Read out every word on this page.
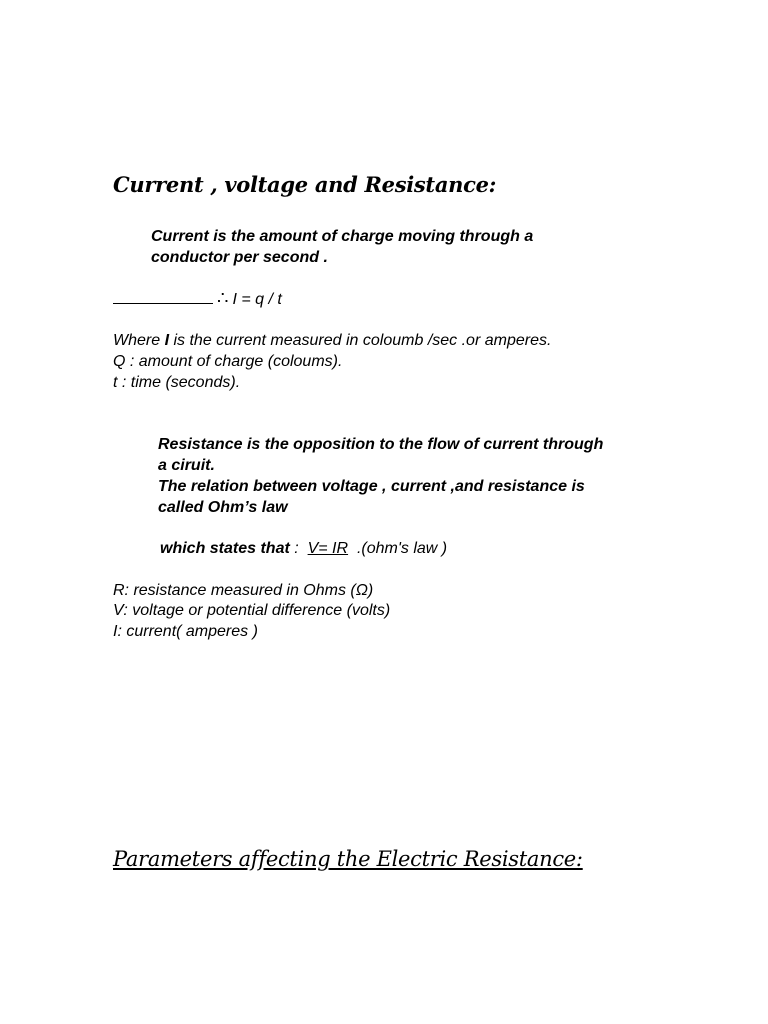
Current , voltage and Resistance:

Current is the amount of charge moving through a

conductor per second .

∴ I = q / t

Where I is the current measured in coloumb /sec .or amperes.

Q : amount of charge (coloums).

t : time (seconds).

Resistance is the opposition to the flow of current through

a ciruit.

The relation between voltage , current ,and resistance is

called Ohm’s law

which states that :  V= IR  .(ohm's law )

R: resistance measured in Ohms (Ω)

V: voltage or potential difference (volts)

I: current( amperes )

Parameters affecting the Electric Resistance:
